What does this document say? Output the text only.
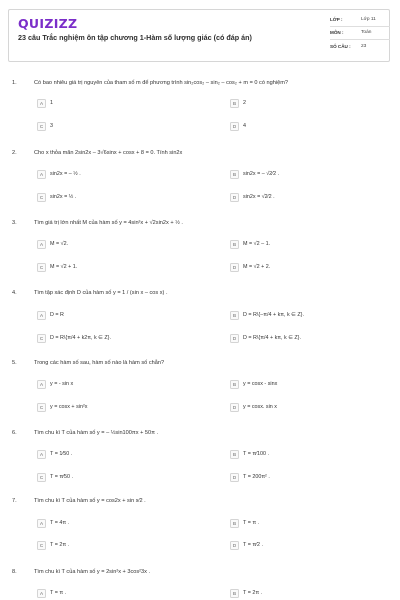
QUIZIZZ
23 câu Trắc nghiệm ôn tập chương 1-Hàm số lượng giác (có đáp án)
LỚP :	Lớp 11
MÔN :	Toán
SỐ CÂU :	23
1.	Có bao nhiêu giá trị nguyên của tham số m để phương trình sin₂cos₂ – sin₂ – cos₂ + m = 0 có nghiệm?
A	1	B	2
C	3	D	4
2.	Cho x thỏa mãn 2sin2x – 3√6sinx + cosx + 8 = 0. Tính sin2x
A	sin2x = – ½ .	B	sin2x = – √2⁄2 .
C	sin2x = ½ .	D	sin2x = √2⁄2 .
3.	Tìm giá trị lớn nhất M của hàm số y = 4sin²x + √2sin2x + ½ .
A	M = √2.	B	M = √2 – 1.
C	M = √2 + 1.	D	M = √2 + 2.
4.	Tìm tập xác định D của hàm số y = 1 / (sin x – cos x) .
A	D = R	B	D = R\{–π/4 + kπ, k ∈ Z}.
C	D = R\{π/4 + k2π, k ∈ Z}.	D	D = R\{π/4 + kπ, k ∈ Z}.
5.	Trong các hàm số sau, hàm số nào là hàm số chẵn?
A	y = - sin x	B	y = cosx - sinx
C	y = cosx + sin²x	D	y = cosx. sin x
6.	Tìm chu kì T của hàm số y = – ½sin100πx + 50π .
A	T = 1⁄50 .	B	T = π⁄100 .
C	T = π⁄50 .	D	T = 200π² .
7.	Tìm chu kì T của hàm số y = cos2x + sin x⁄2 .
A	T = 4π .	B	T = π .
C	T = 2π .	D	T = π⁄2 .
8.	Tìm chu kì T của hàm số y = 2sin²x + 3cos²3x .
A	T = π .	B	T = 2π .
